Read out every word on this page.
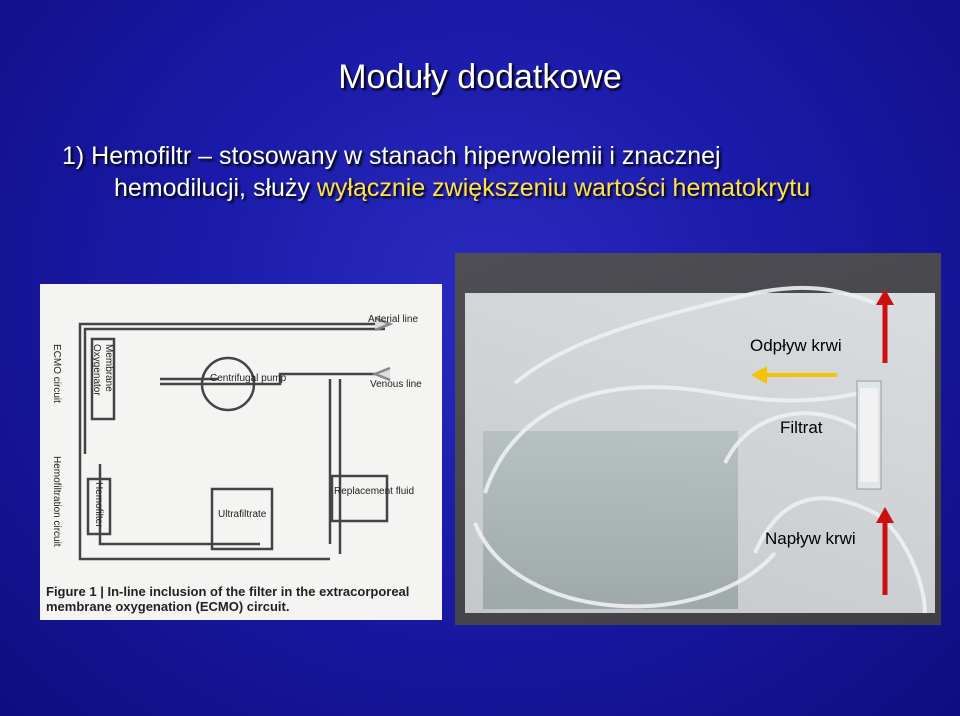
Moduły dodatkowe
1) Hemofiltr – stosowany w stanach hiperwolemii i znacznej
hemodilucji, służy wyłącznie zwiększeniu wartości hematokrytu
Arterial line
Venous line
Centrifugal pump
Ultrafiltrate
Replacement fluid
ECMO circuit	Membrane
Oxygenator
Hemofiltration circuit	Hemofilter
Figure 1 | In-line inclusion of the filter in the extracorporeal membrane oxygenation (ECMO) circuit.
Odpływ krwi
Filtrat
Napływ krwi
